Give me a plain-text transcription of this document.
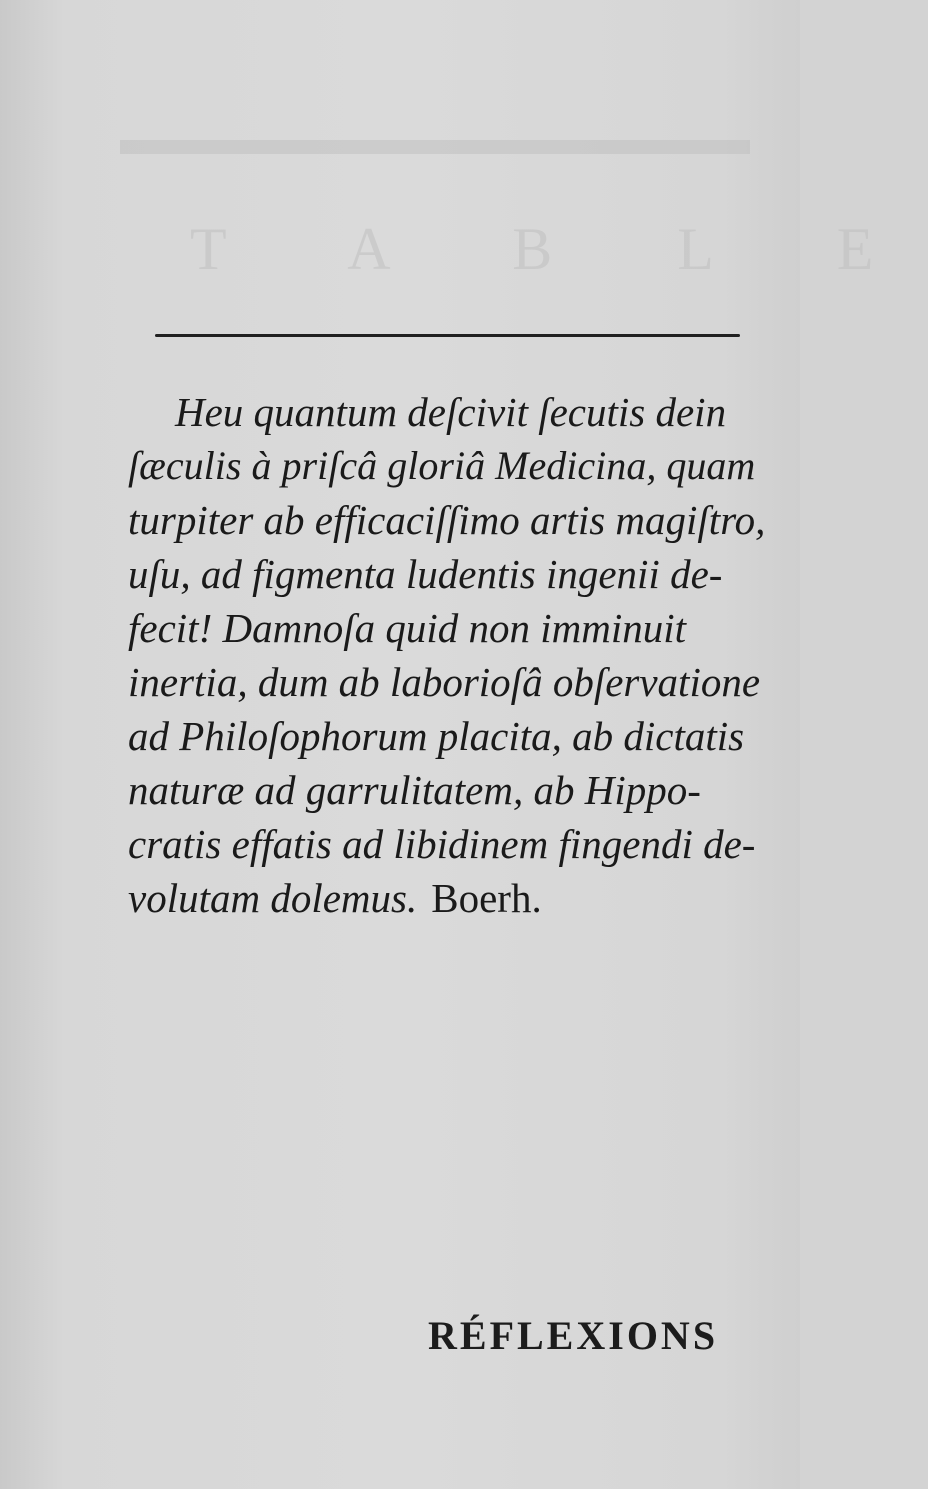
T A B L E
Heu quantum deſcivit ſecutis dein
ſæculis à priſcâ gloriâ Medicina, quam
turpiter ab efficaciſſimo artis magiſtro,
uſu, ad figmenta ludentis ingenii de-
fecit! Damnoſa quid non imminuit
inertia, dum ab laborioſâ obſervatione
ad Philoſophorum placita, ab dictatis
naturæ ad garrulitatem, ab Hippo-
cratis effatis ad libidinem fingendi de-
volutam dolemus. Boerh.
RÉFLEXIONS
